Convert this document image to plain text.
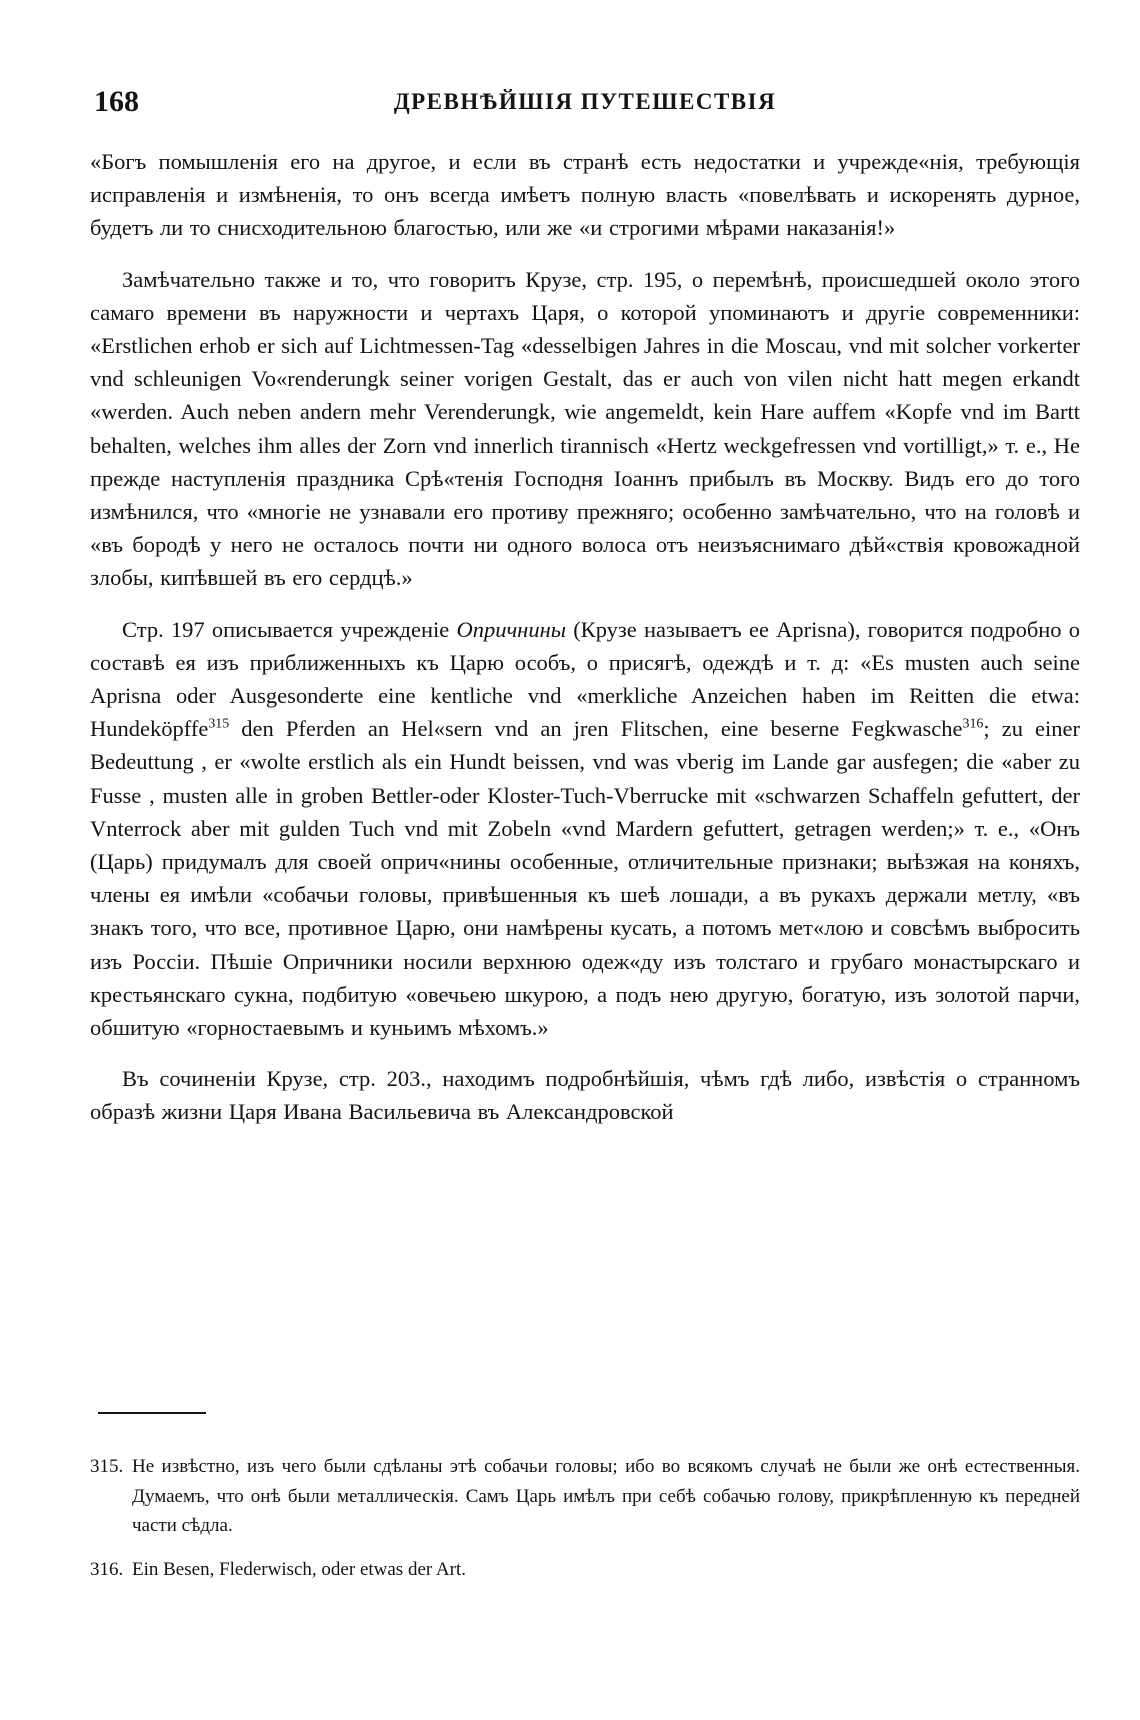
168	ДРЕВНѢЙШІЯ ПУТЕШЕСТВІЯ

«Богъ помышленія его на другое, и если въ странѣ есть недостатки и учрежде«нія, требующія исправленія и измѣненія, то онъ всегда имѣетъ полную власть «повелѣвать и искоренять дурное, будетъ ли то снисходительною благостью, или же «и строгими мѣрами наказанія!»

Замѣчательно также и то, что говоритъ Крузе, стр. 195, о перемѣнѣ, происшедшей около этого самаго времени въ наружности и чертахъ Царя, о которой упоминаютъ и другіе современники: «Erstlichen erhob er sich auf Lichtmessen-Tag «desselbigen Jahres in die Moscau, vnd mit solcher vorkerter vnd schleunigen Vo«renderungk seiner vorigen Gestalt, das er auch von vilen nicht hatt megen erkandt «werden. Auch neben andern mehr Verenderungk, wie angemeldt, kein Hare auffem «Kopfe vnd im Bartt behalten, welches ihm alles der Zorn vnd innerlich tirannisch «Hertz weckgefressen vnd vortilligt,» т. е., Не прежде наступленія праздника Срѣ«тенія Господня Іоаннъ прибылъ въ Москву. Видъ его до того измѣнился, что «многіе не узнавали его противу прежняго; особенно замѣчательно, что на головѣ и «въ бородѣ у него не осталось почти ни одного волоса отъ неизъяснимаго дѣй«ствія кровожадной злобы, кипѣвшей въ его сердцѣ.»

Стр. 197 описывается учрежденіе Опричнины (Крузе называетъ ее Aprisna), говорится подробно о составѣ ея изъ приближенныхъ къ Царю особъ, о присягѣ, одеждѣ и т. д: «Es musten auch seine Aprisna oder Ausgesonderte eine kentliche vnd «merkliche Anzeichen haben im Reitten die etwa: Hundeköpffe$^{315}$ den Pferden an Hel«sern vnd an jren Flitschen, eine beserne Fegkwasche$^{316}$; zu einer Bedeuttung , er «wolte erstlich als ein Hundt beissen, vnd was vberig im Lande gar ausfegen; die «aber zu Fusse , musten alle in groben Bettler-oder Kloster-Tuch-Vberrucke mit «schwarzen Schaffeln gefuttert, der Vnterrock aber mit gulden Tuch vnd mit Zobeln «vnd Mardern gefuttert, getragen werden;» т. е., «Онъ (Царь) придумалъ для своей оприч«нины особенные, отличительные признаки; выѣзжая на коняхъ, члены ея имѣли «собачьи головы, привѣшенныя къ шеѣ лошади, а въ рукахъ держали метлу, «въ знакъ того, что все, противное Царю, они намѣрены кусать, а потомъ мет«лою и совсѣмъ выбросить изъ Россіи. Пѣшіе Опричники носили верхнюю одеж«ду изъ толстаго и грубаго монастырскаго и крестьянскаго сукна, подбитую «овечьею шкурою, а подъ нею другую, богатую, изъ золотой парчи, обшитую «горностаевымъ и куньимъ мѣхомъ.»

Въ сочиненіи Крузе, стр. 203., находимъ подробнѣйшія, чѣмъ гдѣ либо, извѣстія о странномъ образѣ жизни Царя Ивана Васильевича въ Александровской

315. Не извѣстно, изъ чего были сдѣланы этѣ собачьи головы; ибо во всякомъ случаѣ не были же онѣ естественныя. Думаемъ, что онѣ были металлическія. Самъ Царь имѣлъ при себѣ собачью голову, прикрѣпленную къ передней части сѣдла.

316. Ein Besen, Flederwisch, oder etwas der Art.
